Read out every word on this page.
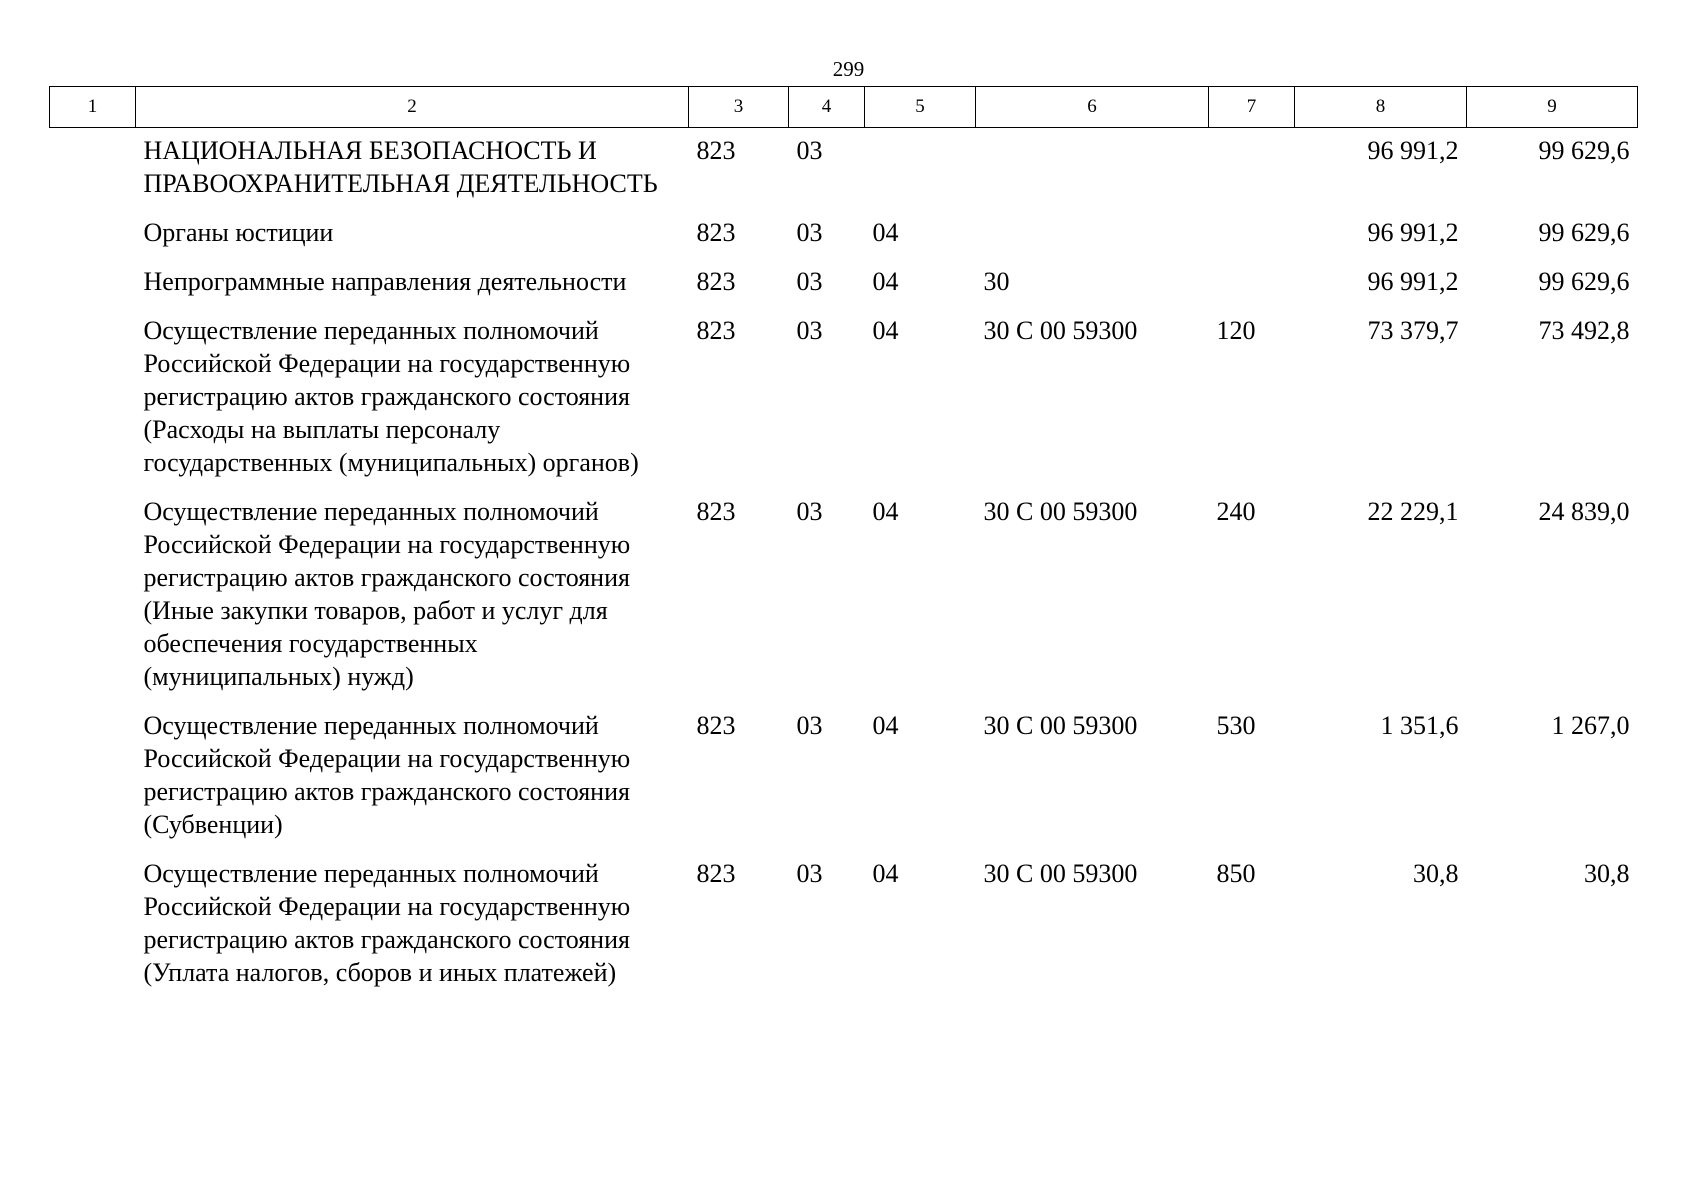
299
1	2	3	4	5	6	7	8	9
	НАЦИОНАЛЬНАЯ БЕЗОПАСНОСТЬ И ПРАВООХРАНИТЕЛЬНАЯ ДЕЯТЕЛЬНОСТЬ	823	03				96 991,2	99 629,6
	Органы юстиции	823	03	04			96 991,2	99 629,6
	Непрограммные направления деятельности	823	03	04	30		96 991,2	99 629,6
	Осуществление переданных полномочий Российской Федерации на государственную регистрацию актов гражданского состояния (Расходы на выплаты персоналу государственных (муниципальных) органов)	823	03	04	30 С 00 59300	120	73 379,7	73 492,8
	Осуществление переданных полномочий Российской Федерации на государственную регистрацию актов гражданского состояния (Иные закупки товаров, работ и услуг для обеспечения государственных (муниципальных) нужд)	823	03	04	30 С 00 59300	240	22 229,1	24 839,0
	Осуществление переданных полномочий Российской Федерации на государственную регистрацию актов гражданского состояния (Субвенции)	823	03	04	30 С 00 59300	530	1 351,6	1 267,0
	Осуществление переданных полномочий Российской Федерации на государственную регистрацию актов гражданского состояния (Уплата налогов, сборов и иных платежей)	823	03	04	30 С 00 59300	850	30,8	30,8
